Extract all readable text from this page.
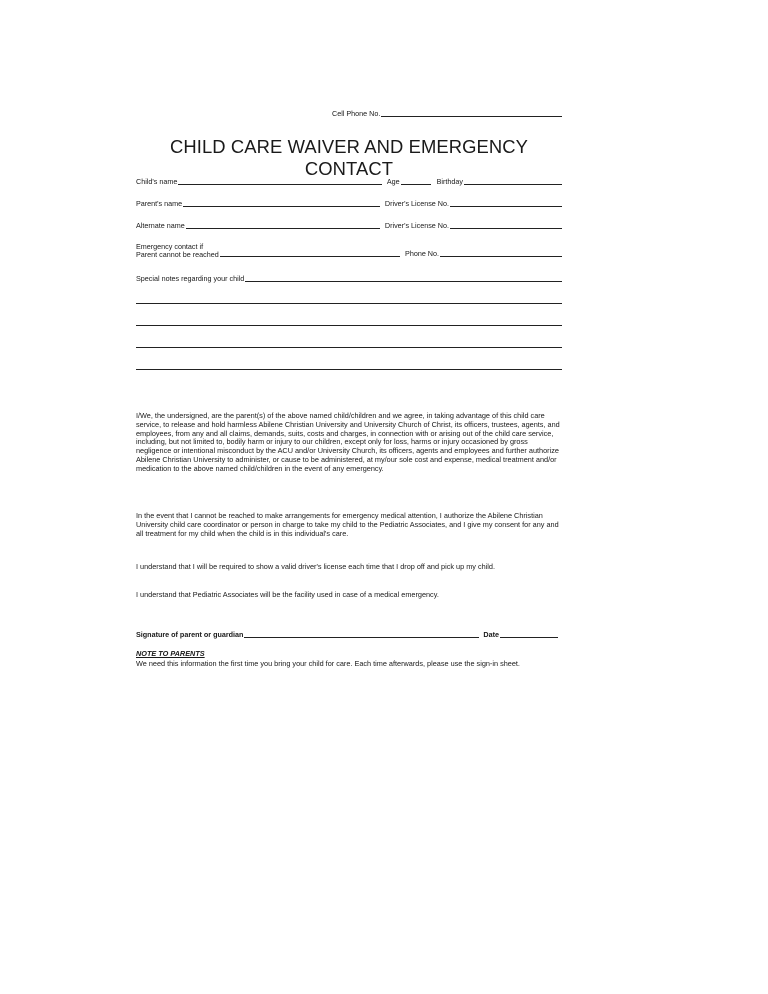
Cell Phone No.
CHILD CARE WAIVER AND EMERGENCY CONTACT
Child's name	Age	Birthday
Parent's name	Driver's License No.
Alternate name	Driver's License No.
Emergency contact if
Parent cannot be reached	Phone No.
Special notes regarding your child

I/We, the undersigned, are the parent(s) of the above named child/children and we agree, in taking advantage of this child care service, to release and hold harmless Abilene Christian University and University Church of Christ, its officers, trustees, agents, and employees, from any and all claims, demands, suits, costs and charges, in connection with or arising out of the child care service, including, but not limited to, bodily harm or injury to our children, except only for loss, harms or injury occasioned by gross negligence or intentional misconduct by the ACU and/or University Church, its officers, agents and employees and further authorize Abilene Christian University to administer, or cause to be administered, at my/our sole cost and expense, medical treatment and/or medication to the above named child/children in the event of any emergency.

In the event that I cannot be reached to make arrangements for emergency medical attention, I authorize the Abilene Christian University child care coordinator or person in charge to take my child to the Pediatric Associates, and I give my consent for any and all treatment for my child when the child is in this individual's care.

I understand that I will be required to show a valid driver's license each time that I drop off and pick up my child.

I understand that Pediatric Associates will be the facility used in case of a medical emergency.

Signature of parent or guardian	Date
NOTE TO PARENTS

We need this information the first time you bring your child for care. Each time afterwards, please use the sign-in sheet.
